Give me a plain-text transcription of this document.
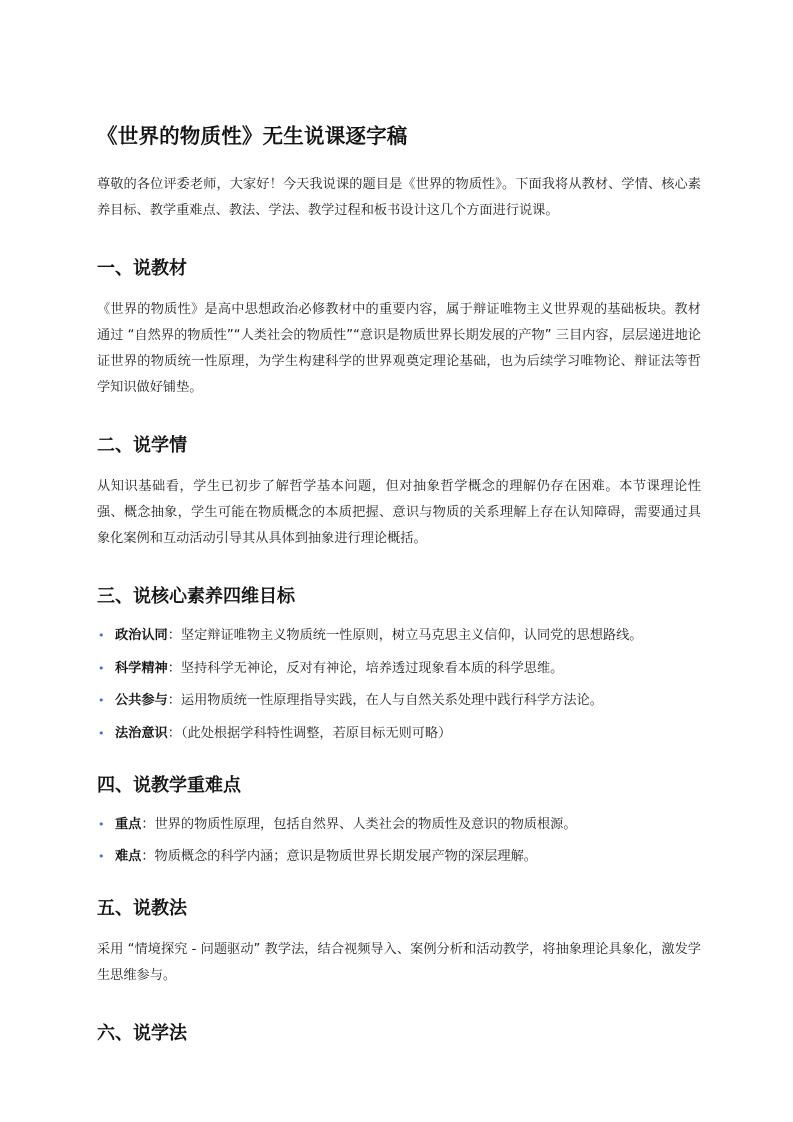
《世界的物质性》无生说课逐字稿

尊敬的各位评委老师，大家好！今天我说课的题目是《世界的物质性》。下面我将从教材、学情、核心素养目标、教学重难点、教法、学法、教学过程和板书设计这几个方面进行说课。

一、说教材

《世界的物质性》是高中思想政治必修教材中的重要内容，属于辩证唯物主义世界观的基础板块。教材通过 “自然界的物质性”“人类社会的物质性”“意识是物质世界长期发展的产物” 三目内容，层层递进地论证世界的物质统一性原理，为学生构建科学的世界观奠定理论基础，也为后续学习唯物论、辩证法等哲学知识做好铺垫。

二、说学情

从知识基础看，学生已初步了解哲学基本问题，但对抽象哲学概念的理解仍存在困难。本节课理论性强、概念抽象，学生可能在物质概念的本质把握、意识与物质的关系理解上存在认知障碍，需要通过具象化案例和互动活动引导其从具体到抽象进行理论概括。

三、说核心素养四维目标
• 政治认同：坚定辩证唯物主义物质统一性原则，树立马克思主义信仰，认同党的思想路线。
• 科学精神：坚持科学无神论，反对有神论，培养透过现象看本质的科学思维。
• 公共参与：运用物质统一性原理指导实践，在人与自然关系处理中践行科学方法论。
• 法治意识：（此处根据学科特性调整，若原目标无则可略）
四、说教学重难点
• 重点：世界的物质性原理，包括自然界、人类社会的物质性及意识的物质根源。
• 难点：物质概念的科学内涵；意识是物质世界长期发展产物的深层理解。
五、说教法

采用 “情境探究 - 问题驱动” 教学法，结合视频导入、案例分析和活动教学，将抽象理论具象化，激发学生思维参与。

六、说学法
